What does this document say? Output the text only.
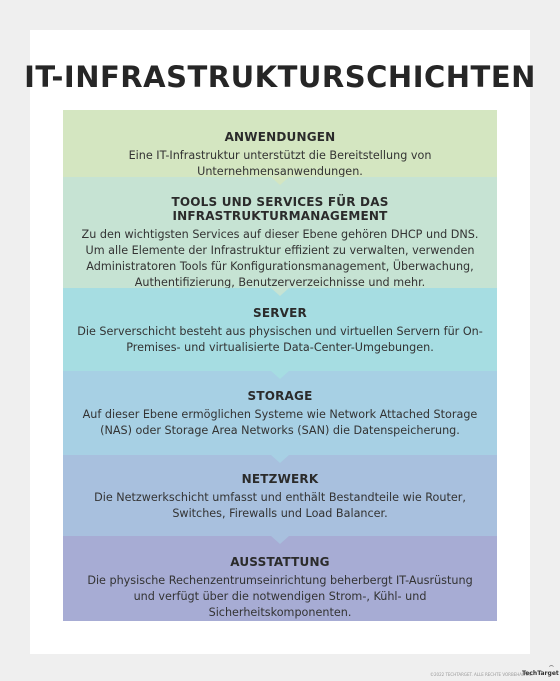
IT-INFRASTRUKTURSCHICHTEN
ANWENDUNGEN
Eine IT-Infrastruktur unterstützt die Bereitstellung von Unternehmensanwendungen.
TOOLS UND SERVICES FÜR DAS INFRASTRUKTURMANAGEMENT
Zu den wichtigsten Services auf dieser Ebene gehören DHCP und DNS. Um alle Elemente der Infrastruktur effizient zu verwalten, verwenden Administratoren Tools für Konfigurationsmanagement, Überwachung, Authentifizierung, Benutzerverzeichnisse und mehr.
SERVER
Die Serverschicht besteht aus physischen und virtuellen Servern für On-Premises- und virtualisierte Data-Center-Umgebungen.
STORAGE
Auf dieser Ebene ermöglichen Systeme wie Network Attached Storage (NAS) oder Storage Area Networks (SAN) die Datenspeicherung.
NETZWERK
Die Netzwerkschicht umfasst und enthält Bestandteile wie Router, Switches, Firewalls und Load Balancer.
AUSSTATTUNG
Die physische Rechenzentrumseinrichtung beherbergt IT-Ausrüstung und verfügt über die notwendigen Strom-, Kühl- und Sicherheitskomponenten.
©2022 TECHTARGET. ALLE RECHTE VORBEHALTEN.
⌢
TechTarget
